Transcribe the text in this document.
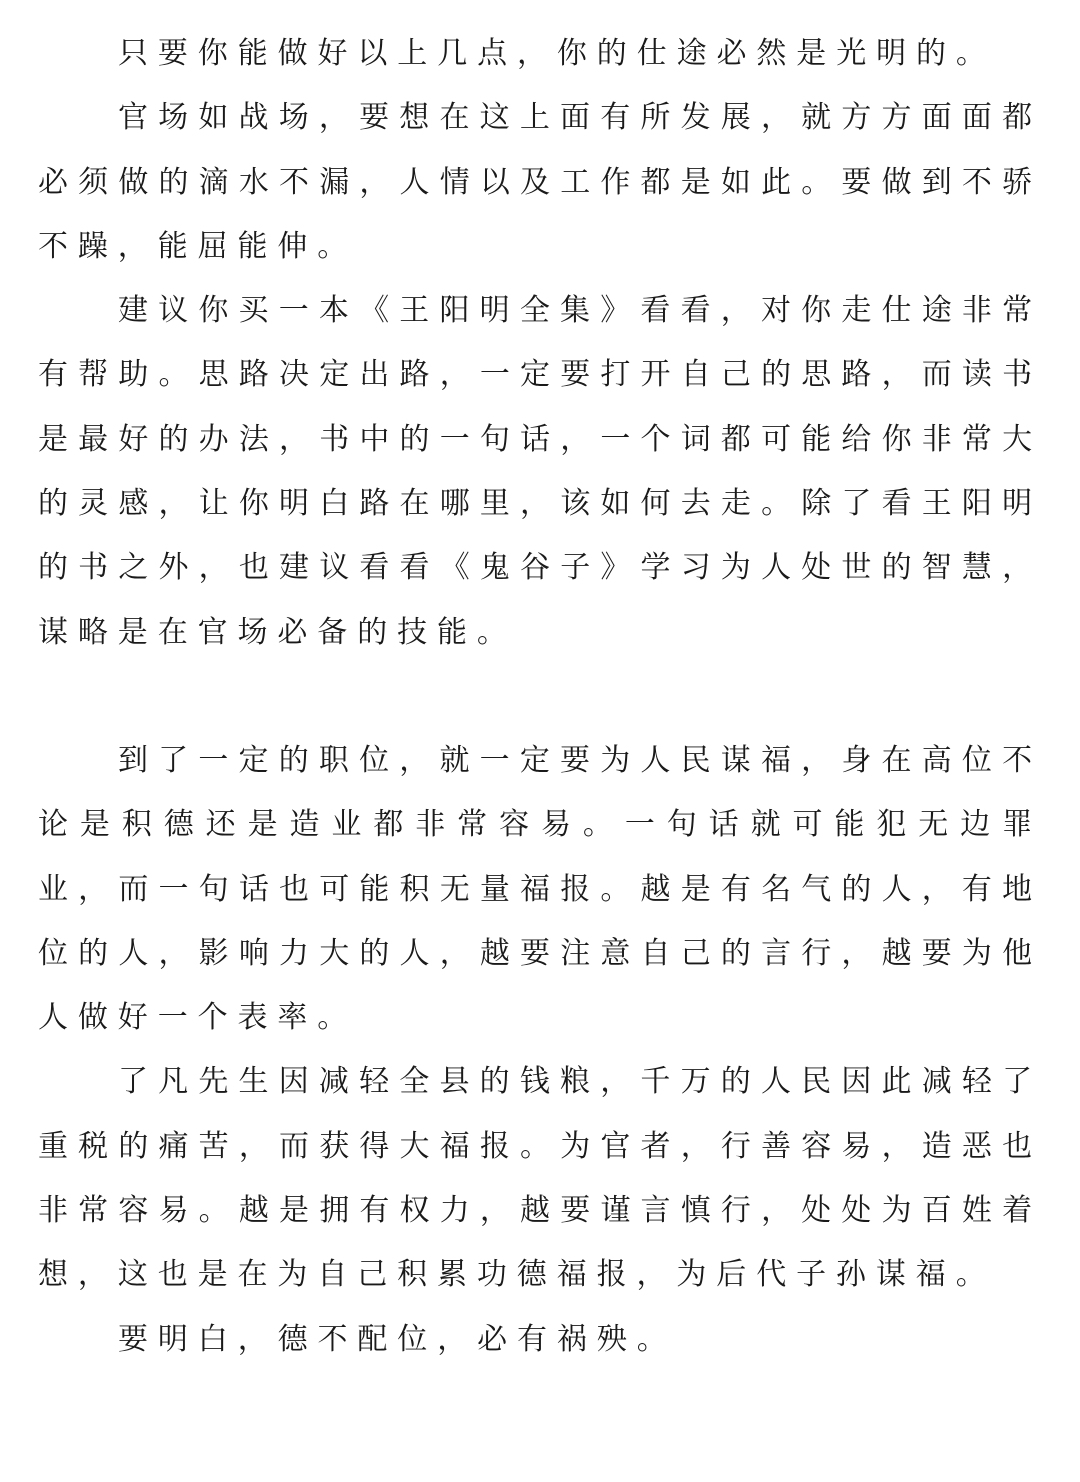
只要你能做好以上几点，你的仕途必然是光明的。

官场如战场，要想在这上面有所发展，就方方面面都必须做的滴水不漏，人情以及工作都是如此。要做到不骄不躁，能屈能伸。

建议你买一本《王阳明全集》看看，对你走仕途非常有帮助。思路决定出路，一定要打开自己的思路，而读书是最好的办法，书中的一句话，一个词都可能给你非常大的灵感，让你明白路在哪里，该如何去走。除了看王阳明的书之外，也建议看看《鬼谷子》学习为人处世的智慧，谋略是在官场必备的技能。

到了一定的职位，就一定要为人民谋福，身在高位不论是积德还是造业都非常容易。一句话就可能犯无边罪业，而一句话也可能积无量福报。越是有名气的人，有地位的人，影响力大的人，越要注意自己的言行，越要为他人做好一个表率。

了凡先生因减轻全县的钱粮，千万的人民因此减轻了重税的痛苦，而获得大福报。为官者，行善容易，造恶也非常容易。越是拥有权力，越要谨言慎行，处处为百姓着想，这也是在为自己积累功德福报，为后代子孙谋福。

要明白，德不配位，必有祸殃。
